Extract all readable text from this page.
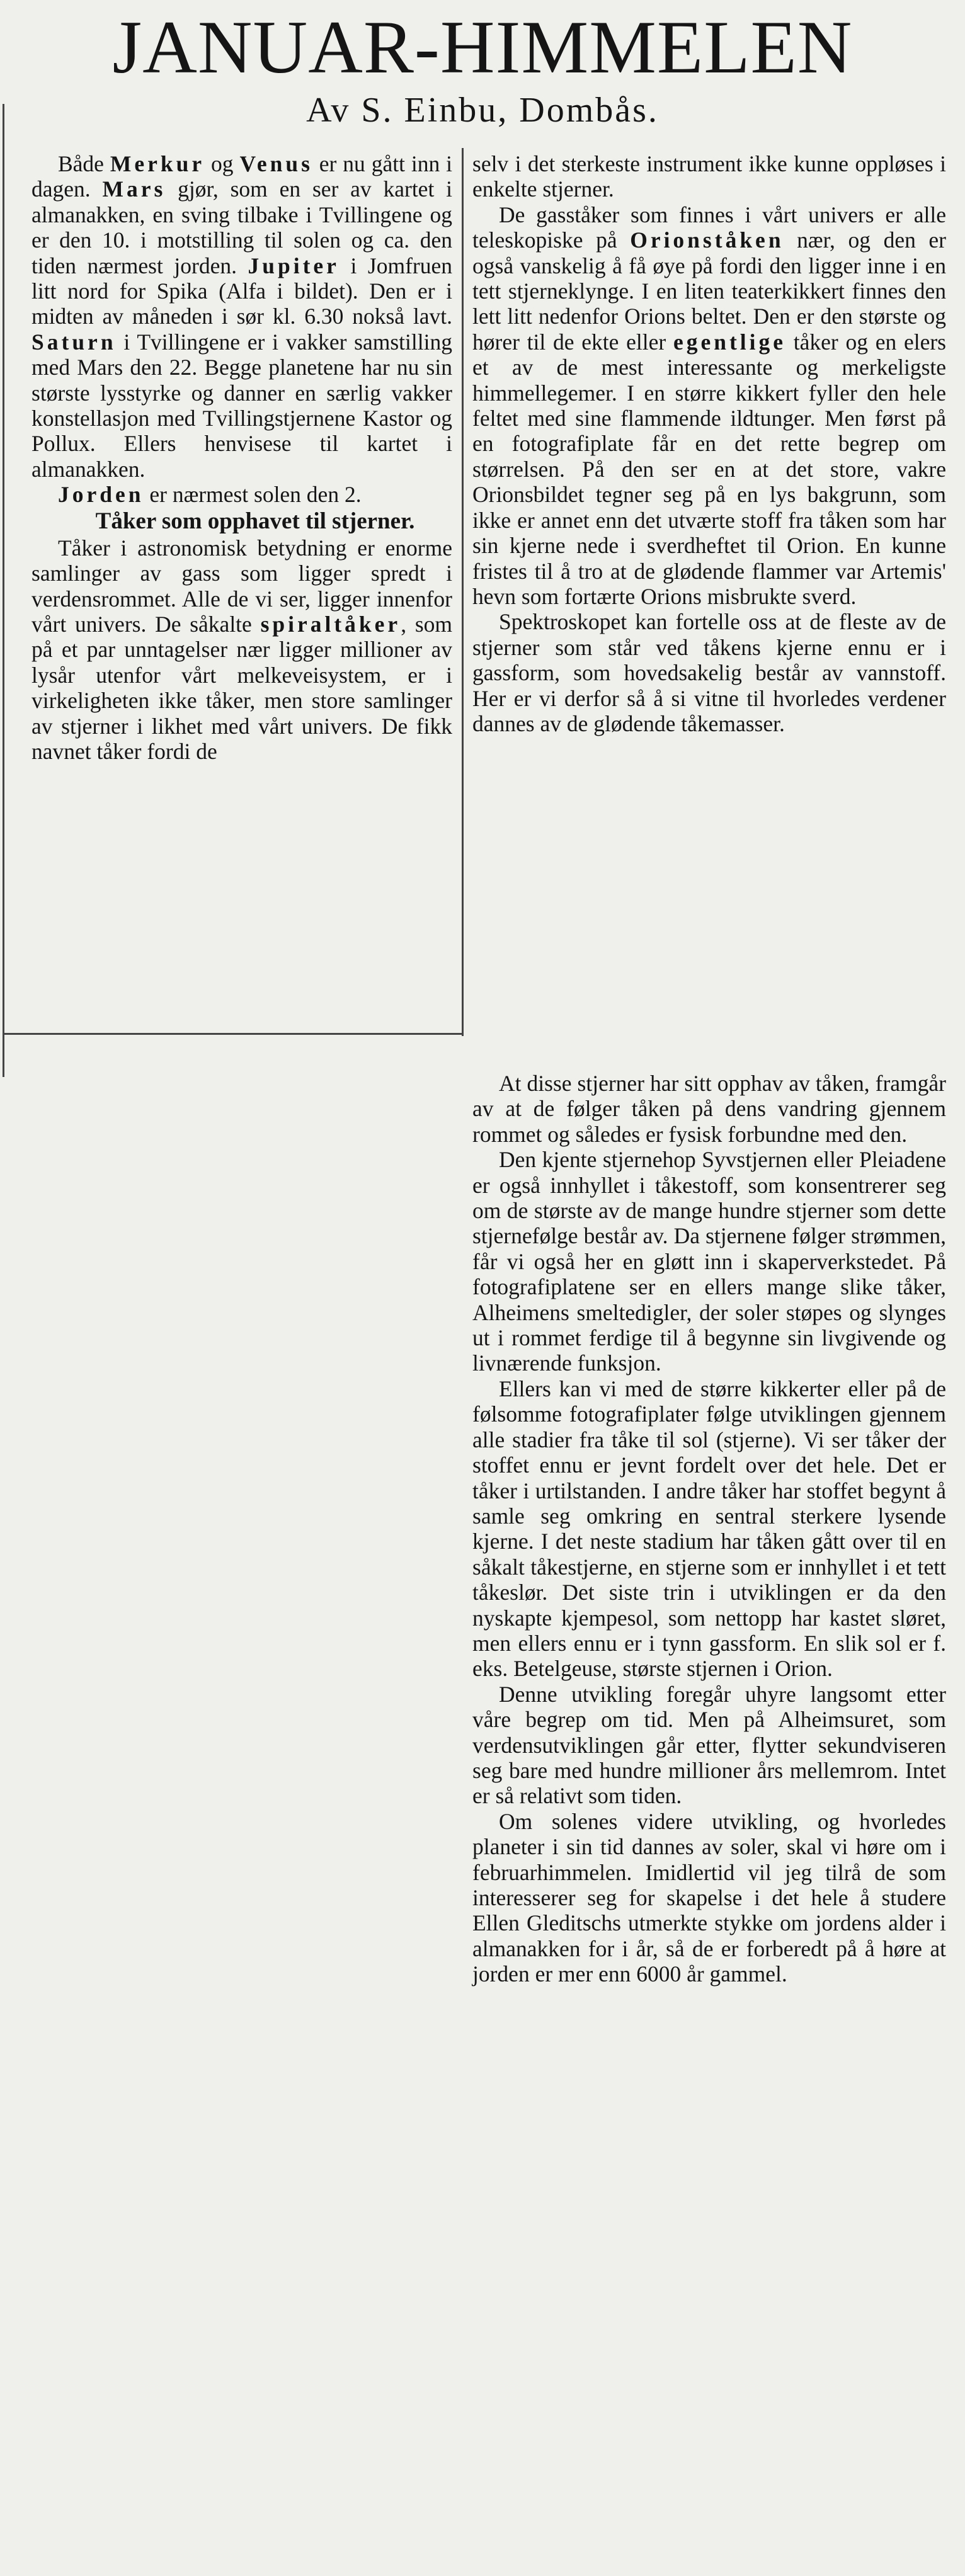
JANUAR-HIMMELEN
Av S. Einbu, Dombås.

Både Merkur og Venus er nu gått inn i dagen. Mars gjør, som en ser av kartet i almanakken, en sving tilbake i Tvillingene og er den 10. i motstilling til solen og ca. den tiden nærmest jorden. Jupiter i Jomfruen litt nord for Spika (Alfa i bildet). Den er i midten av måneden i sør kl. 6.30 nokså lavt. Saturn i Tvillingene er i vakker samstilling med Mars den 22. Begge planetene har nu sin største lysstyrke og danner en særlig vakker konstellasjon med Tvillingstjernene Kastor og Pollux. Ellers henvisese til kartet i almanakken.

Jorden er nærmest solen den 2.

Tåker som opphavet til stjerner.

Tåker i astronomisk betydning er enorme samlinger av gass som ligger spredt i verdensrommet. Alle de vi ser, ligger innenfor vårt univers. De såkalte spiraltåker, som på et par unntagelser nær ligger millioner av lysår utenfor vårt melkeveisystem, er i virkeligheten ikke tåker, men store samlinger av stjerner i likhet med vårt univers. De fikk navnet tåker fordi de

selv i det sterkeste instrument ikke kunne oppløses i enkelte stjerner.

De gasståker som finnes i vårt univers er alle teleskopiske på Orionståken nær, og den er også vanskelig å få øye på fordi den ligger inne i en tett stjerneklynge. I en liten teaterkikkert finnes den lett litt nedenfor Orions beltet. Den er den største og hører til de ekte eller egentlige tåker og en elers et av de mest interessante og merkeligste himmellegemer. I en større kikkert fyller den hele feltet med sine flammende ildtunger. Men først på en fotografiplate får en det rette begrep om størrelsen. På den ser en at det store, vakre Orionsbildet tegner seg på en lys bakgrunn, som ikke er annet enn det utværte stoff fra tåken som har sin kjerne nede i sverdheftet til Orion. En kunne fristes til å tro at de glødende flammer var Artemis' hevn som fortærte Orions misbrukte sverd.

Spektroskopet kan fortelle oss at de fleste av de stjerner som står ved tåkens kjerne ennu er i gassform, som hovedsakelig består av vannstoff. Her er vi derfor så å si vitne til hvorledes verdener dannes av de glødende tåkemasser.

At disse stjerner har sitt opphav av tåken, framgår av at de følger tåken på dens vandring gjennem rommet og således er fysisk forbundne med den.

Den kjente stjernehop Syvstjernen eller Pleiadene er også innhyllet i tåkestoff, som konsentrerer seg om de største av de mange hundre stjerner som dette stjernefølge består av. Da stjernene følger strømmen, får vi også her en gløtt inn i skaperverkstedet. På fotografiplatene ser en ellers mange slike tåker, Alheimens smeltedigler, der soler støpes og slynges ut i rommet ferdige til å begynne sin livgivende og livnærende funksjon.

Ellers kan vi med de større kikkerter eller på de følsomme fotografiplater følge utviklingen gjennem alle stadier fra tåke til sol (stjerne). Vi ser tåker der stoffet ennu er jevnt fordelt over det hele. Det er tåker i urtilstanden. I andre tåker har stoffet begynt å samle seg omkring en sentral sterkere lysende kjerne. I det neste stadium har tåken gått over til en såkalt tåkestjerne, en stjerne som er innhyllet i et tett tåkeslør. Det siste trin i utviklingen er da den nyskapte kjempesol, som nettopp har kastet sløret, men ellers ennu er i tynn gassform. En slik sol er f. eks. Betelgeuse, største stjernen i Orion.

Denne utvikling foregår uhyre langsomt etter våre begrep om tid. Men på Alheimsuret, som verdensutviklingen går etter, flytter sekundviseren seg bare med hundre millioner års mellemrom. Intet er så relativt som tiden.

Om solenes videre utvikling, og hvorledes planeter i sin tid dannes av soler, skal vi høre om i februarhimmelen. Imidlertid vil jeg tilrå de som interesserer seg for skapelse i det hele å studere Ellen Gleditschs utmerkte stykke om jordens alder i almanakken for i år, så de er forberedt på å høre at jorden er mer enn 6000 år gammel.
